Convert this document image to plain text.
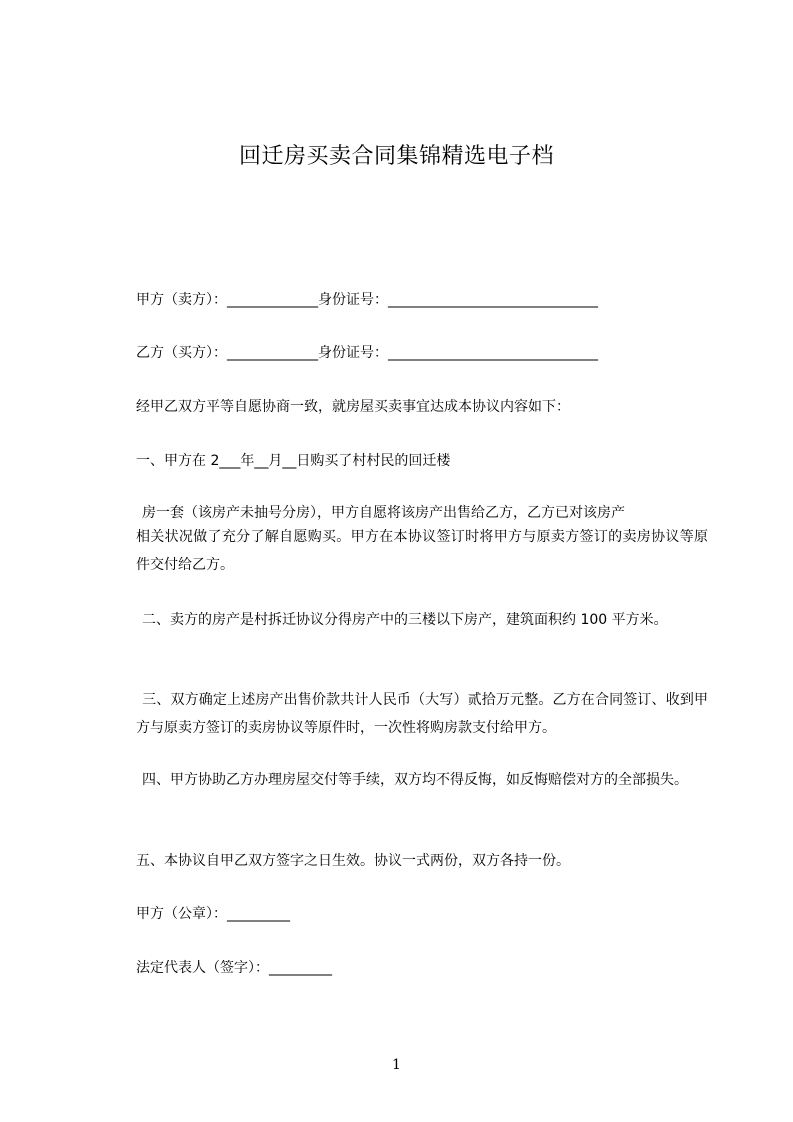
回迁房买卖合同集锦精选电子档
甲方（卖方）：_____________身份证号：______________________________
乙方（买方）：_____________身份证号：______________________________
经甲乙双方平等自愿协商一致，就房屋买卖事宜达成本协议内容如下：
一、甲方在 2___年__月__日购买了村村民的回迁楼
房一套（该房产未抽号分房），甲方自愿将该房产出售给乙方，乙方已对该房产
相关状况做了充分了解自愿购买。甲方在本协议签订时将甲方与原卖方签订的卖房协议等原件交付给乙方。
二、卖方的房产是村拆迁协议分得房产中的三楼以下房产，建筑面积约 100 平方米。
三、双方确定上述房产出售价款共计人民币（大写）贰拾万元整。乙方在合同签订、收到甲方与原卖方签订的卖房协议等原件时，一次性将购房款支付给甲方。
四、甲方协助乙方办理房屋交付等手续，双方均不得反悔，如反悔赔偿对方的全部损失。
五、本协议自甲乙双方签字之日生效。协议一式两份，双方各持一份。
甲方（公章）：_________
法定代表人（签字）：_________
1
